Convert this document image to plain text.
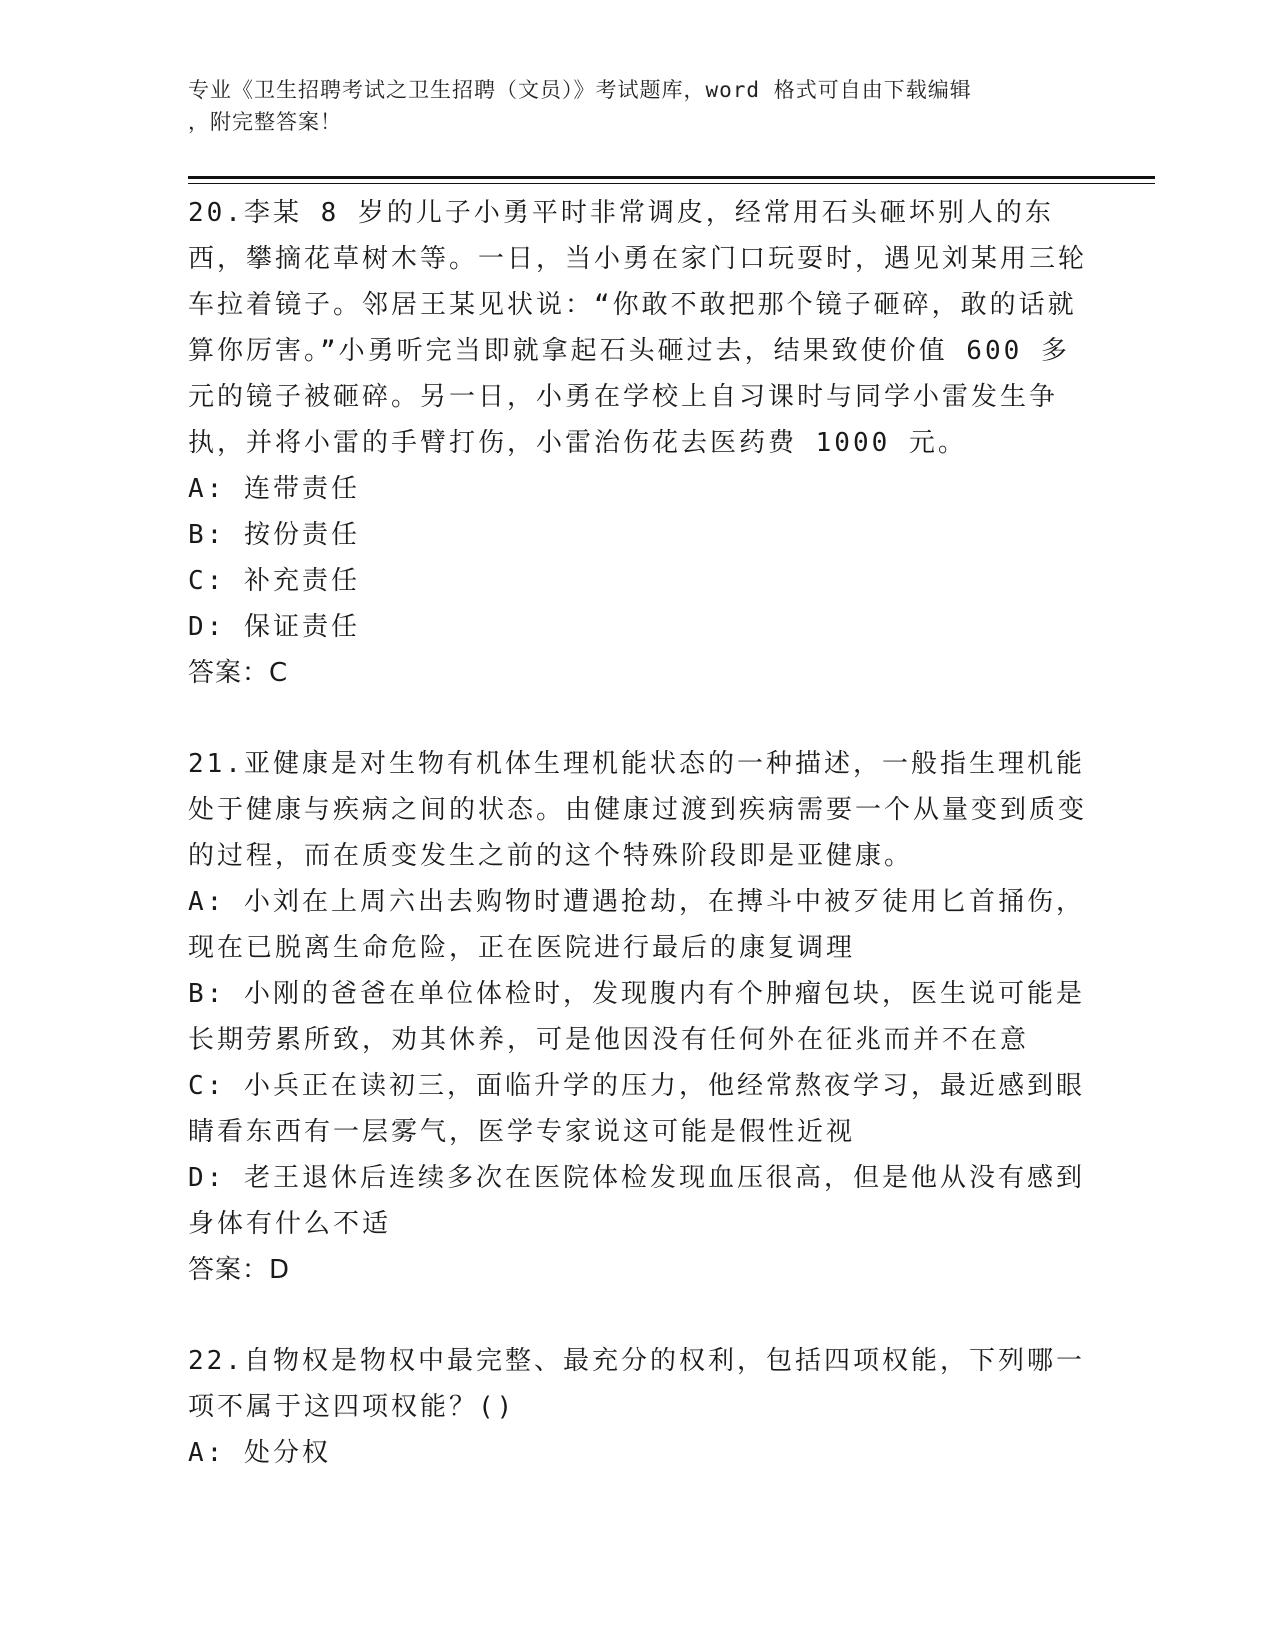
专业《卫生招聘考试之卫生招聘（文员）》考试题库，word 格式可自由下载编辑
，附完整答案！

20.李某 8 岁的儿子小勇平时非常调皮，经常用石头砸坏别人的东西，攀摘花草树木等。一日，当小勇在家门口玩耍时，遇见刘某用三轮车拉着镜子。邻居王某见状说：“你敢不敢把那个镜子砸碎，敢的话就算你厉害。”小勇听完当即就拿起石头砸过去，结果致使价值 600 多元的镜子被砸碎。另一日，小勇在学校上自习课时与同学小雷发生争执，并将小雷的手臂打伤，小雷治伤花去医药费 1000 元。

A: 连带责任

B: 按份责任

C: 补充责任

D: 保证责任

答案：C

21.亚健康是对生物有机体生理机能状态的一种描述，一般指生理机能处于健康与疾病之间的状态。由健康过渡到疾病需要一个从量变到质变的过程，而在质变发生之前的这个特殊阶段即是亚健康。

A: 小刘在上周六出去购物时遭遇抢劫，在搏斗中被歹徒用匕首捅伤，现在已脱离生命危险，正在医院进行最后的康复调理

B: 小刚的爸爸在单位体检时，发现腹内有个肿瘤包块，医生说可能是长期劳累所致，劝其休养，可是他因没有任何外在征兆而并不在意

C: 小兵正在读初三，面临升学的压力，他经常熬夜学习，最近感到眼睛看东西有一层雾气，医学专家说这可能是假性近视

D: 老王退休后连续多次在医院体检发现血压很高，但是他从没有感到身体有什么不适

答案：D

22.自物权是物权中最完整、最充分的权利，包括四项权能，下列哪一项不属于这四项权能？()

A: 处分权
